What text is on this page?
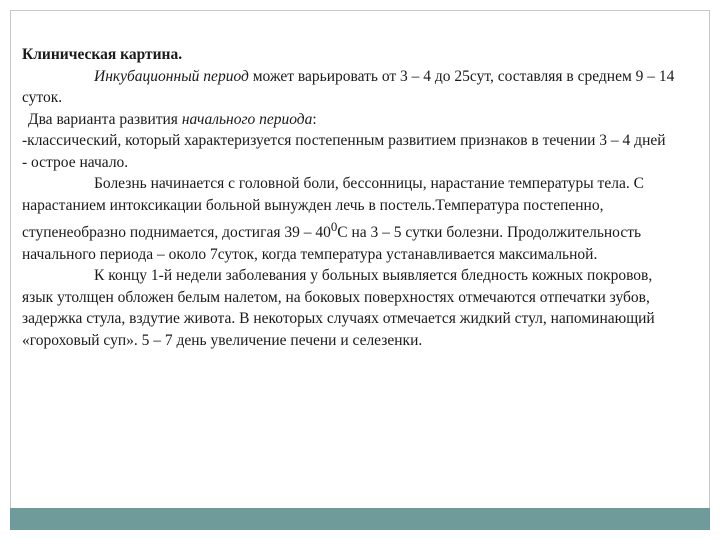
Клиническая картина.

Инкубационный период может варьировать от 3 – 4 до 25сут, составляя в среднем 9 – 14 суток.

Два варианта развития начального периода:

-классический, который характеризуется постепенным развитием признаков в течении 3 – 4 дней

- острое начало.

Болезнь начинается с головной боли, бессонницы, нарастание температуры тела. С нарастанием интоксикации больной вынужден лечь в постель.Температура постепенно, ступенеобразно поднимается, достигая $39 - 40^0С$ на 3 – 5 сутки болезни. Продолжительность начального периода – около 7суток, когда температура устанавливается максимальной.

К концу 1-й недели заболевания у больных выявляется бледность кожных покровов, язык утолщен обложен белым налетом, на боковых поверхностях отмечаются отпечатки зубов, задержка стула, вздутие живота. В некоторых случаях отмечается жидкий стул, напоминающий «гороховый суп». 5 – 7 день увеличение печени и селезенки.
